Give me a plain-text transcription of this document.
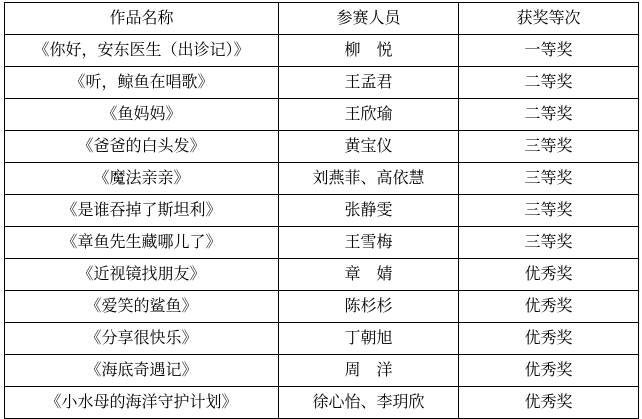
作品名称	参赛人员	获奖等次
《你好，安东医生（出诊记）》	柳　悦	一等奖
《听，鲸鱼在唱歌》	王孟君	二等奖
《鱼妈妈》	王欣瑜	二等奖
《爸爸的白头发》	黄宝仪	三等奖
《魔法亲亲》	刘燕菲、高依慧	三等奖
《是谁吞掉了斯坦利》	张静雯	三等奖
《章鱼先生藏哪儿了》	王雪梅	三等奖
《近视镜找朋友》	章　婧	优秀奖
《爱笑的鲨鱼》	陈杉杉	优秀奖
《分享很快乐》	丁朝旭	优秀奖
《海底奇遇记》	周　洋	优秀奖
《小水母的海洋守护计划》	徐心怡、李玥欣	优秀奖
